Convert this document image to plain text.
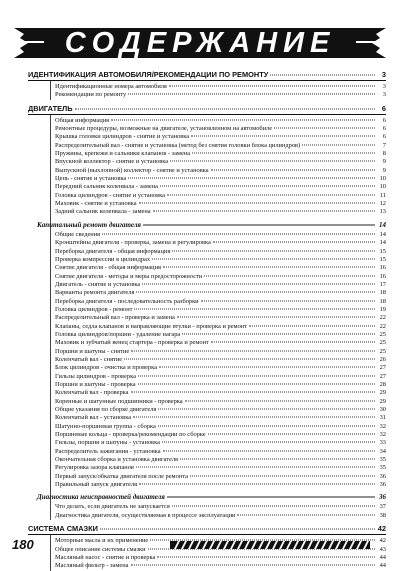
СОДЕРЖАНИЕ
ИДЕНТИФИКАЦИЯ АВТОМОБИЛЯ/РЕКОМЕНДАЦИИ ПО РЕМОНТУ	3
Идентификационные номера автомобиля	3
Рекомендации по ремонту	3
ДВИГАТЕЛЬ	6
Общая информация	6
Ремонтные процедуры, возможные на двигателе, установленном на автомобиле	6
Крышка головки цилиндров - снятие и установка	6
Распределительный вал - снятие и установка (метод без снятия головки блока цилиндров)	7
Пружины, крепежи и сальники клапанов - замена	8
Впускной коллектор - снятие и установка	9
Выпускной (выхлопной) коллектор - снятие и установка	9
Цепь - снятие и установка	10
Передний сальник коленвала - замена	10
Головка цилиндров - снятие и установка	11
Маховик - снятие и установка	12
Задний сальник коленвала - замена	13
Капитальный ремонт двигателя	14
Общие сведения	14
Кронштейны двигателя - проверка, замена и регулировка	14
Переборка двигателя - общая информация	15
Проверка компрессии в цилиндрах	15
Снятие двигателя - общая информация	16
Снятие двигателя - методы и меры предосторожности	16
Двигатель - снятие и установка	17
Варианты ремонта двигателя	18
Переборка двигателя - последовательность разборки	18
Головка цилиндров - ремонт	19
Распределительный вал - проверка и замена	22
Клапаны, седла клапанов и направляющие втулки - проверка и ремонт	22
Головка цилиндров/поршни - удаление нагара	25
Маховик и зубчатый венец стартера - проверка и ремонт	25
Поршни и шатуны - снятие	25
Коленчатый вал - снятие	26
Блок цилиндров - очистка и проверка	27
Гильзы цилиндров - проверка	27
Поршни и шатуны - проверка	28
Коленчатый вал - проверка	29
Коренные и шатунные подшипники - проверка	29
Общие указания по сборке двигателя	30
Коленчатый вал - установка	31
Шатунно-поршневая группа - сборка	32
Поршневые кольца - проверка/рекомендации по сборке	32
Гильзы, поршни и шатуны - установка	33
Распределитель зажигания - установка	34
Окончательная сборка и установка двигателя	35
Регулировка зазора клапанов	35
Первый запуск/обкатка двигателя после ремонта	36
Правильный запуск двигателя	36
Диагностика неисправностей двигателя	36
Что делать, если двигатель не запускается	37
Диагностика двигателя, осуществляемая в процессе эксплуатации	38
СИСТЕМА СМАЗКИ	42
Моторные масла и их применение	42
Общее описание системы смазки	43
Масляный насос - снятие и проверка	44
Масляный фильтр - замена	44
180
